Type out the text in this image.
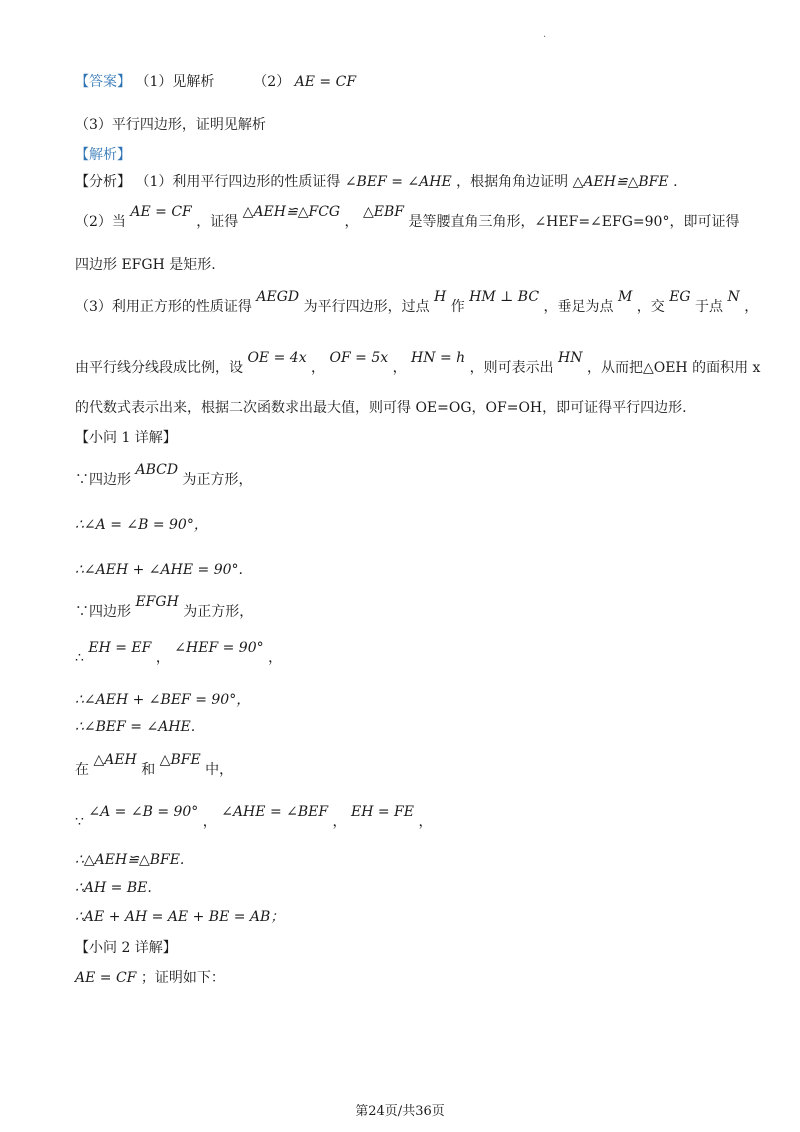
·
【答案】 （1）见解析	（2） AE = CF
（3）平行四边形，证明见解析
【解析】
【分析】 （1）利用平行四边形的性质证得 ∠BEF = ∠AHE ，根据角角边证明 △AEH≌△BFE .
（2）当 AE = CF ，证得 △AEH≌△FCG ， △EBF 是等腰直角三角形，∠HEF=∠EFG=90°，即可证得
四边形 EFGH 是矩形.
（3）利用正方形的性质证得 AEGD 为平行四边形，过点 H 作 HM ⊥ BC ，垂足为点 M ，交 EG 于点 N ，
由平行线分线段成比例，设 OE = 4x ， OF = 5x ， HN = h ，则可表示出 HN ，从而把△OEH 的面积用 x
的代数式表示出来，根据二次函数求出最大值，则可得 OE=OG，OF=OH，即可证得平行四边形.
【小问 1 详解】
∵四边形 ABCD 为正方形，
∴∠A = ∠B = 90°，
∴∠AEH + ∠AHE = 90°.
∵四边形 EFGH 为正方形，
∴ EH = EF ， ∠HEF = 90° ，
∴∠AEH + ∠BEF = 90°，
∴∠BEF = ∠AHE.
在 △AEH 和 △BFE 中，
∵ ∠A = ∠B = 90° ， ∠AHE = ∠BEF ， EH = FE ，
∴△AEH≌△BFE.
∴AH = BE.
∴AE + AH = AE + BE = AB；
【小问 2 详解】
AE = CF ；证明如下：
第24页/共36页
